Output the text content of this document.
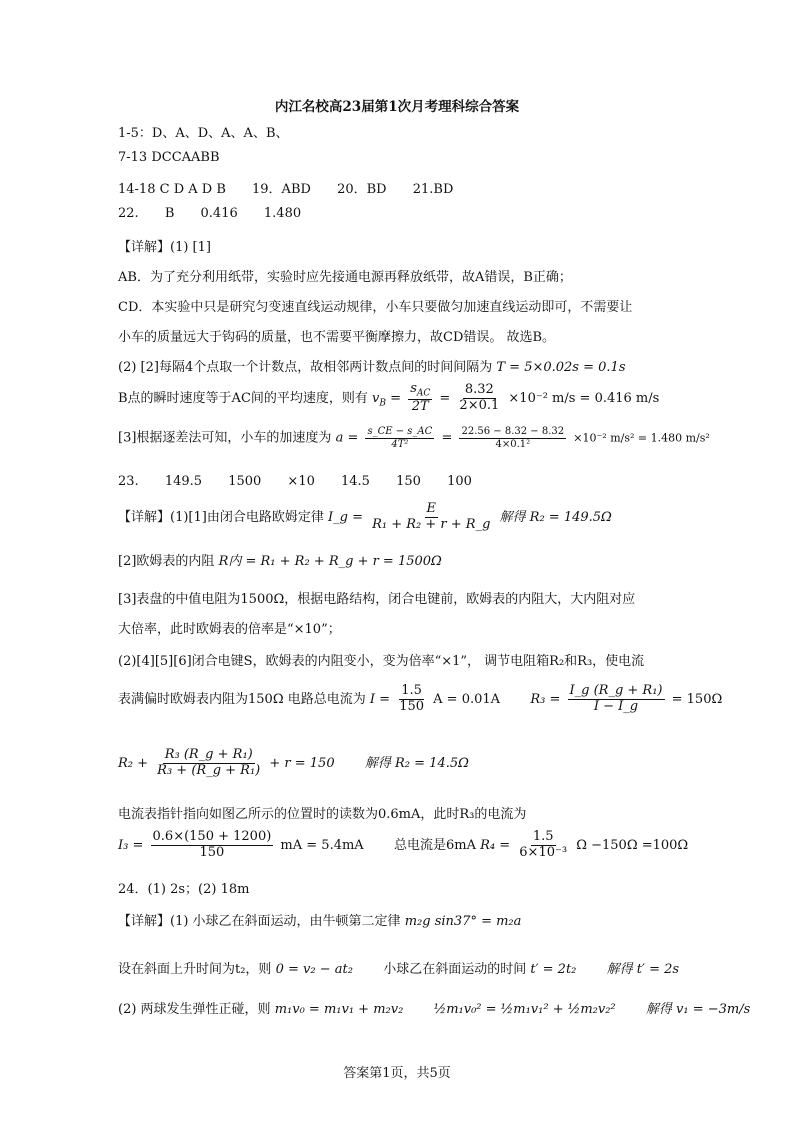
内江名校高23届第1次月考理科综合答案
1-5：D、A、D、A、A、B、
7-13 DCCAABB
14-18 C D A D B 19．ABD 20．BD 21.BD
22. B 0.416 1.480
【详解】(1) [1]
AB．为了充分利用纸带，实验时应先接通电源再释放纸带，故A错误，B正确；
CD．本实验中只是研究匀变速直线运动规律，小车只要做匀加速直线运动即可，不需要让
小车的质量远大于钩码的质量，也不需要平衡摩擦力，故CD错误。 故选B。
(2) [2]每隔4个点取一个计数点，故相邻两计数点间的时间间隔为 T = 5×0.02s = 0.1s
B点的瞬时速度等于AC间的平均速度，则有 $v_B = \frac{s_{AC}}{2T} = \frac{8.32}{2\times 0.1} \times 10^{-2}$ m/s = 0.416 m/s
[3]根据逐差法可知，小车的加速度为 $a = \frac{s\_CE - s\_AC}{\text{4T²}} = \frac{22.56 - 8.32 - 8.32}{\text{4×0.1²}} \times 10^{-2}$ m/s² = 1.480 m/s²
23. 149.5 1500 ×10 14.5 150 100
【详解】(1)[1]由闭合电路欧姆定律 I_g = $\frac{E}{\text{R₁ + R₂ + r + R\_g}}$ 解得 R₂ = 149.5Ω
[2]欧姆表的内阻 R内 = R₁ + R₂ + R_g + r = 1500Ω
[3]表盘的中值电阻为1500Ω，根据电路结构，闭合电键前，欧姆表的内阻大，大内阻对应
大倍率，此时欧姆表的倍率是“×10”；
(2)[4][5][6]闭合电键S，欧姆表的内阻变小，变为倍率“×1”， 调节电阻箱R₂和R₃，使电流
表满偏时欧姆表内阻为150Ω 电路总电流为 $I = \frac{1.5}{150}$ A = 0.01A $R_3 = \frac{\text{I\_g (R\_g + R₁)}}{I - I\_g} = 150\Omega$
$R_2 + \frac{\text{R₃ (R\_g + R₁)}}{\text{R₃ + (R\_g + R₁)}} + r = 150$ 解得 R₂ = 14.5Ω
电流表指针指向如图乙所示的位置时的读数为0.6mA，此时R₃的电流为
$I_3 = \frac{0.6\times(150 + 1200)}{150}$ mA = 5.4mA 总电流是6mA $R_4 = \frac{1.5}{\text{6×10⁻³}}$ Ω −150Ω =100Ω
24．(1) 2s；(2) 18m
【详解】(1) 小球乙在斜面运动，由牛顿第二定律 m₂g sin37° = m₂a
设在斜面上升时间为t₂，则 0 = v₂ − at₂ 小球乙在斜面运动的时间 t′ = 2t₂ 解得 t′ = 2s
(2) 两球发生弹性正碰，则 m₁v₀ = m₁v₁ + m₂v₂ ½m₁v₀² = ½m₁v₁² + ½m₂v₂² 解得 v₁ = −3m/s
答案第1页，共5页
